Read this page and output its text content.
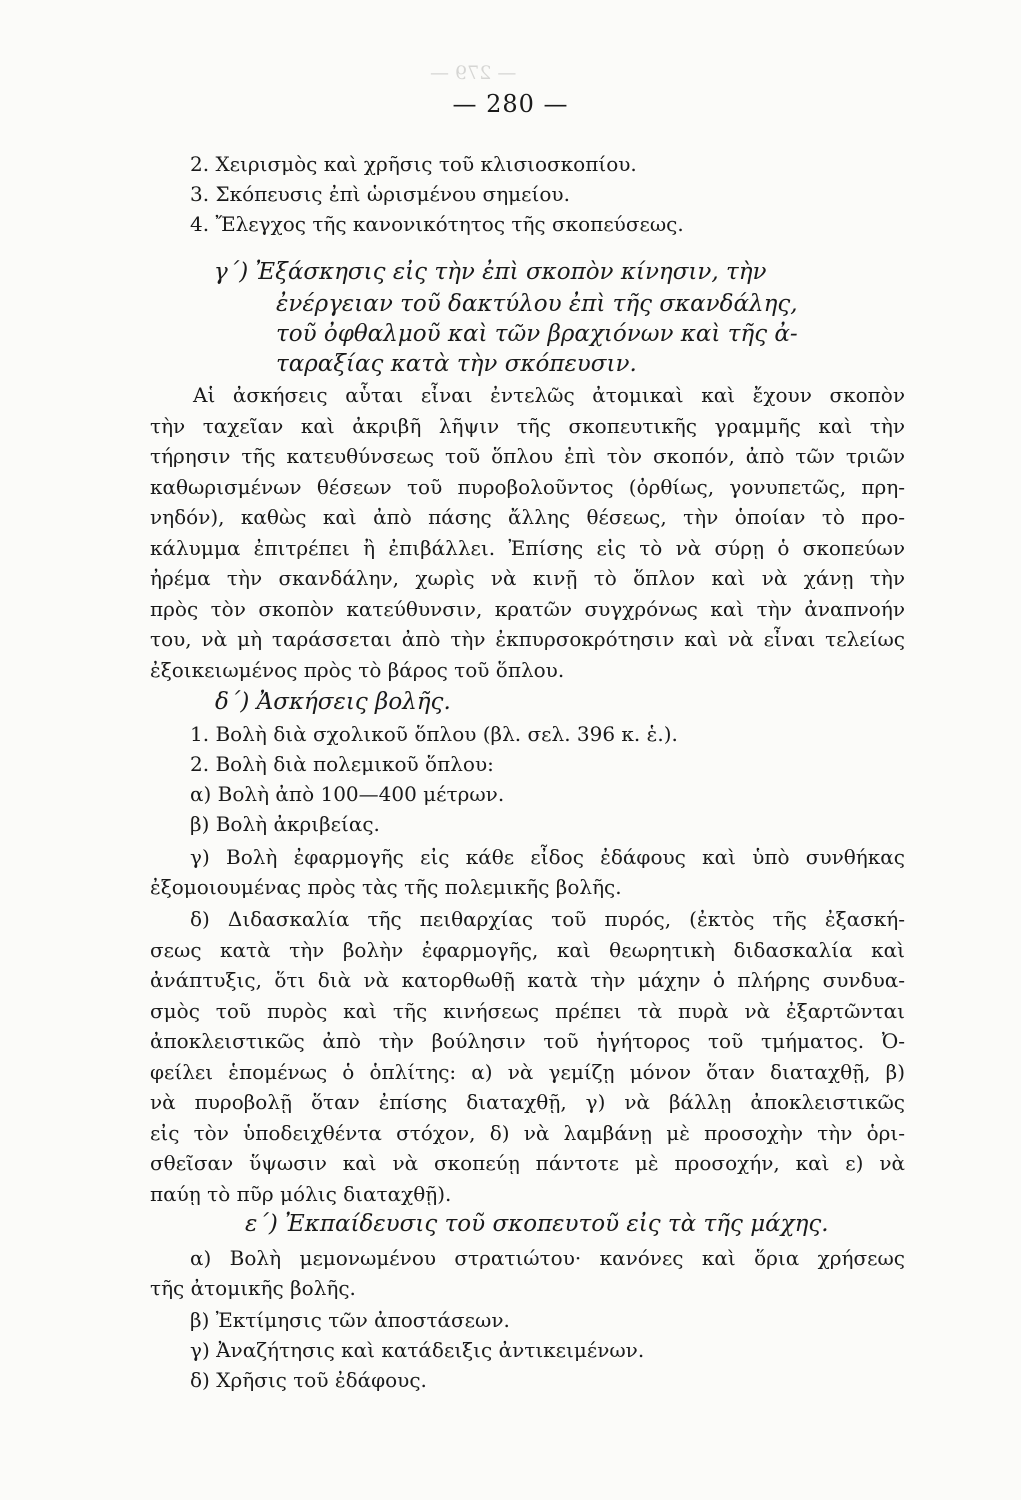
— 279 —
— 280 —
2. Χειρισμὸς καὶ χρῆσις τοῦ κλισιοσκοπίου.
3. Σκόπευσις ἐπὶ ὡρισμένου σημείου.
4. Ἔλεγχος τῆς κανονικότητος τῆς σκοπεύσεως.
γ΄) Ἐξάσκησις εἰς τὴν ἐπὶ σκοπὸν κίνησιν, τὴν
ἐνέργειαν τοῦ δακτύλου ἐπὶ τῆς σκανδάλης,
τοῦ ὀφθαλμοῦ καὶ τῶν βραχιόνων καὶ τῆς ἀ-
ταραξίας κατὰ τὴν σκόπευσιν.
Αἱ ἀσκήσεις αὗται εἶναι ἐντελῶς ἀτομικαὶ καὶ ἔχουν σκοπὸν
τὴν ταχεῖαν καὶ ἀκριβῆ λῆψιν τῆς σκοπευτικῆς γραμμῆς καὶ τὴν
τήρησιν τῆς κατευθύνσεως τοῦ ὅπλου ἐπὶ τὸν σκοπόν, ἀπὸ τῶν τριῶν
καθωρισμένων θέσεων τοῦ πυροβολοῦντος (ὀρθίως, γονυπετῶς, πρη-
νηδόν), καθὼς καὶ ἀπὸ πάσης ἄλλης θέσεως, τὴν ὁποίαν τὸ προ-
κάλυμμα ἐπιτρέπει ἢ ἐπιβάλλει. Ἐπίσης εἰς τὸ νὰ σύρῃ ὁ σκοπεύων
ἠρέμα τὴν σκανδάλην, χωρὶς νὰ κινῇ τὸ ὅπλον καὶ νὰ χάνῃ τὴν
πρὸς τὸν σκοπὸν κατεύθυνσιν, κρατῶν συγχρόνως καὶ τὴν ἀναπνοήν
του, νὰ μὴ ταράσσεται ἀπὸ τὴν ἐκπυρσοκρότησιν καὶ νὰ εἶναι τελείως
ἐξοικειωμένος πρὸς τὸ βάρος τοῦ ὅπλου.
δ΄) Ἀσκήσεις βολῆς.
1. Βολὴ διὰ σχολικοῦ ὅπλου (βλ. σελ. 396 κ. ἑ.).
2. Βολὴ διὰ πολεμικοῦ ὅπλου:
α) Βολὴ ἀπὸ 100—400 μέτρων.
β) Βολὴ ἀκριβείας.
γ) Βολὴ ἐφαρμογῆς εἰς κάθε εἶδος ἐδάφους καὶ ὑπὸ συνθήκας
ἐξομοιουμένας πρὸς τὰς τῆς πολεμικῆς βολῆς.
δ) Διδασκαλία τῆς πειθαρχίας τοῦ πυρός, (ἐκτὸς τῆς ἐξασκή-
σεως κατὰ τὴν βολὴν ἐφαρμογῆς, καὶ θεωρητικὴ διδασκαλία καὶ
ἀνάπτυξις, ὅτι διὰ νὰ κατορθωθῇ κατὰ τὴν μάχην ὁ πλήρης συνδυα-
σμὸς τοῦ πυρὸς καὶ τῆς κινήσεως πρέπει τὰ πυρὰ νὰ ἐξαρτῶνται
ἀποκλειστικῶς ἀπὸ τὴν βούλησιν τοῦ ἡγήτορος τοῦ τμήματος. Ὀ-
φείλει ἑπομένως ὁ ὁπλίτης: α) νὰ γεμίζῃ μόνον ὅταν διαταχθῇ, β)
νὰ πυροβολῇ ὅταν ἐπίσης διαταχθῇ, γ) νὰ βάλλῃ ἀποκλειστικῶς
εἰς τὸν ὑποδειχθέντα στόχον, δ) νὰ λαμβάνῃ μὲ προσοχὴν τὴν ὁρι-
σθεῖσαν ὕψωσιν καὶ νὰ σκοπεύῃ πάντοτε μὲ προσοχήν, καὶ ε) νὰ
παύῃ τὸ πῦρ μόλις διαταχθῇ).
ε΄) Ἐκπαίδευσις τοῦ σκοπευτοῦ εἰς τὰ τῆς μάχης.
α) Βολὴ μεμονωμένου στρατιώτου· κανόνες καὶ ὅρια χρήσεως
τῆς ἀτομικῆς βολῆς.
β) Ἐκτίμησις τῶν ἀποστάσεων.
γ) Ἀναζήτησις καὶ κατάδειξις ἀντικειμένων.
δ) Χρῆσις τοῦ ἐδάφους.
